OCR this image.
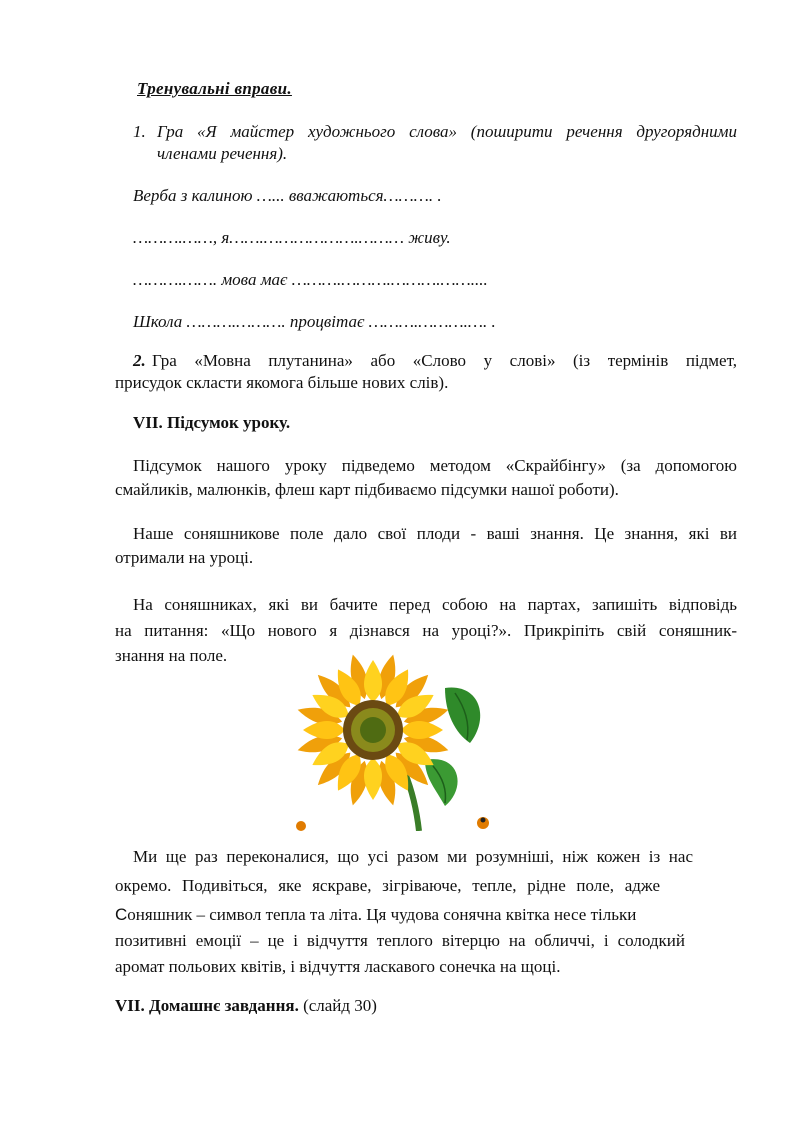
Тренувальні вправи.
1. Гра «Я майстер художнього слова» (поширити речення другорядними
членами речення).
Верба з калиною …... вважаються………. .
……….……, я…….……………….……… живу.
……….……. мова має ……….……….……….……....
Школа ……….………. процвітає ……….……….…. .
2. Гра «Мовна плутанина» або «Слово у слові» (із термінів підмет,
присудок скласти якомога більше нових слів).
VII. Підсумок уроку.
Підсумок нашого уроку підведемо методом «Скрайбінгу» (за допомогою
смайликів, малюнків, флеш карт підбиваємо підсумки нашої роботи).
Наше соняшникове поле дало свої плоди - ваші знання. Це знання, які ви
отримали на уроці.
На соняшниках, які ви бачите перед собою на партах, запишіть відповідь
на питання: «Що нового я дізнався на уроці?». Прикріпіть свій соняшник-
знання на поле.
Ми ще раз переконалися, що усі разом ми розумніші, ніж кожен із нас
окремо. Подивіться, яке яскраве, зігріваюче, тепле, рідне поле, адже
Соняшник – символ тепла та літа. Ця чудова сонячна квітка несе тільки
позитивні емоції – це і відчуття теплого вітерцю на обличчі, і солодкий
аромат польових квітів, і відчуття ласкавого сонечка на щоці.
VII. Домашнє завдання. (слайд 30)
